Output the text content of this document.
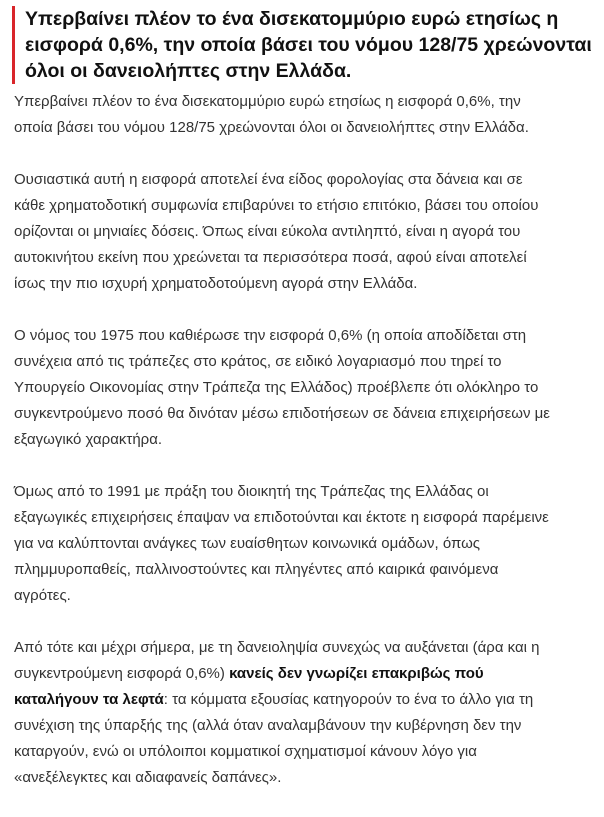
Υπερβαίνει πλέον το ένα δισεκατομμύριο ευρώ ετησίως η
εισφορά 0,6%, την οποία βάσει του νόμου 128/75 χρεώνονται
όλοι οι δανειολήπτες στην Ελλάδα.

Υπερβαίνει πλέον το ένα δισεκατομμύριο ευρώ ετησίως η εισφορά 0,6%, την
οποία βάσει του νόμου 128/75 χρεώνονται όλοι οι δανειολήπτες στην Ελλάδα.

Ουσιαστικά αυτή η εισφορά αποτελεί ένα είδος φορολογίας στα δάνεια και σε
κάθε χρηματοδοτική συμφωνία επιβαρύνει το ετήσιο επιτόκιο, βάσει του οποίου
ορίζονται οι μηνιαίες δόσεις. Όπως είναι εύκολα αντιληπτό, είναι η αγορά του
αυτοκινήτου εκείνη που χρεώνεται τα περισσότερα ποσά, αφού είναι αποτελεί
ίσως την πιο ισχυρή χρηματοδοτούμενη αγορά στην Ελλάδα.

Ο νόμος του 1975 που καθιέρωσε την εισφορά 0,6% (η οποία αποδίδεται στη
συνέχεια από τις τράπεζες στο κράτος, σε ειδικό λογαριασμό που τηρεί το
Υπουργείο Οικονομίας στην Τράπεζα της Ελλάδος) προέβλεπε ότι ολόκληρο το
συγκεντρούμενο ποσό θα δινόταν μέσω επιδοτήσεων σε δάνεια επιχειρήσεων με
εξαγωγικό χαρακτήρα.

Όμως από το 1991 με πράξη του διοικητή της Τράπεζας της Ελλάδας οι
εξαγωγικές επιχειρήσεις έπαψαν να επιδοτούνται και έκτοτε η εισφορά παρέμεινε
για να καλύπτονται ανάγκες των ευαίσθητων κοινωνικά ομάδων, όπως
πλημμυροπαθείς, παλλινοστούντες και πληγέντες από καιρικά φαινόμενα
αγρότες.

Από τότε και μέχρι σήμερα, με τη δανειοληψία συνεχώς να αυξάνεται (άρα και η
συγκεντρούμενη εισφορά 0,6%) κανείς δεν γνωρίζει επακριβώς πού
καταλήγουν τα λεφτά: τα κόμματα εξουσίας κατηγορούν το ένα το άλλο για τη
συνέχιση της ύπαρξής της (αλλά όταν αναλαμβάνουν την κυβέρνηση δεν την
καταργούν, ενώ οι υπόλοιποι κομματικοί σχηματισμοί κάνουν λόγο για
«ανεξέλεγκτες και αδιαφανείς δαπάνες».
